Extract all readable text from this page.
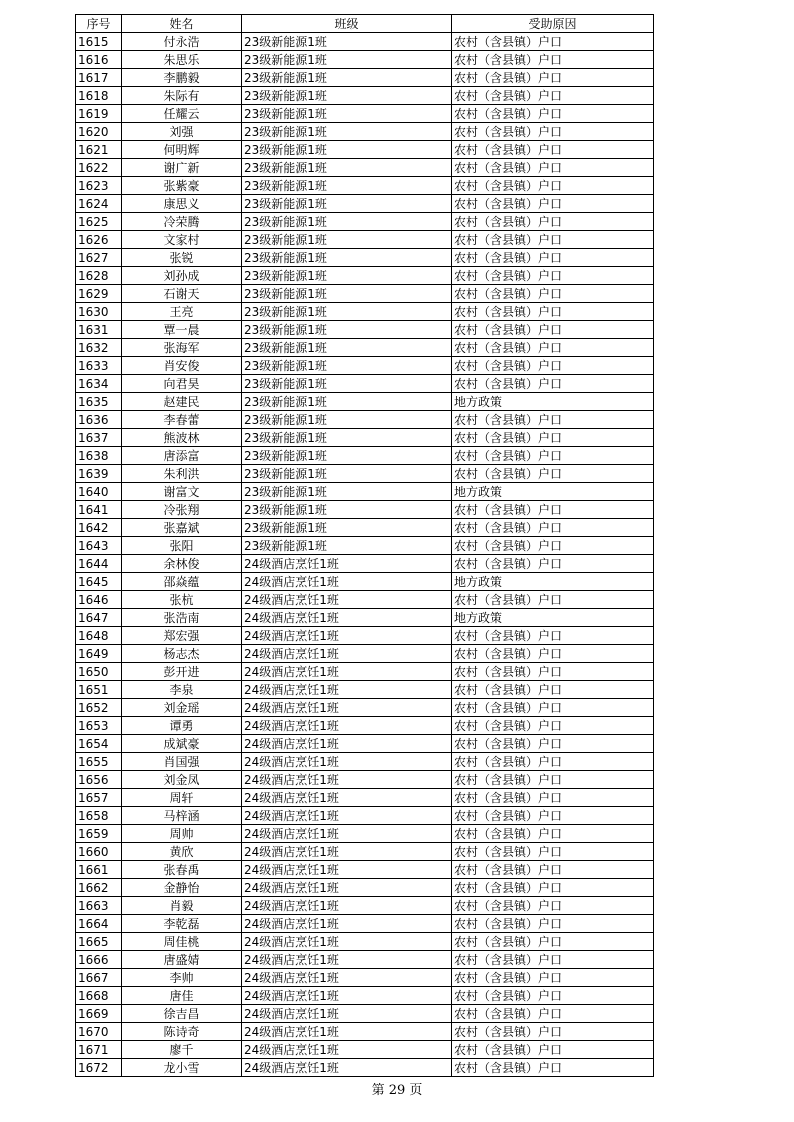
序号	姓名	班级	受助原因
1615	付永浩	23级新能源1班	农村（含县镇）户口
1616	朱思乐	23级新能源1班	农村（含县镇）户口
1617	李鹏毅	23级新能源1班	农村（含县镇）户口
1618	朱际有	23级新能源1班	农村（含县镇）户口
1619	任耀云	23级新能源1班	农村（含县镇）户口
1620	刘强	23级新能源1班	农村（含县镇）户口
1621	何明辉	23级新能源1班	农村（含县镇）户口
1622	谢广新	23级新能源1班	农村（含县镇）户口
1623	张紫豪	23级新能源1班	农村（含县镇）户口
1624	康思义	23级新能源1班	农村（含县镇）户口
1625	冷荣腾	23级新能源1班	农村（含县镇）户口
1626	文家村	23级新能源1班	农村（含县镇）户口
1627	张锐	23级新能源1班	农村（含县镇）户口
1628	刘孙成	23级新能源1班	农村（含县镇）户口
1629	石谢天	23级新能源1班	农村（含县镇）户口
1630	王亮	23级新能源1班	农村（含县镇）户口
1631	覃一晨	23级新能源1班	农村（含县镇）户口
1632	张海军	23级新能源1班	农村（含县镇）户口
1633	肖安俊	23级新能源1班	农村（含县镇）户口
1634	向君昊	23级新能源1班	农村（含县镇）户口
1635	赵建民	23级新能源1班	地方政策
1636	李春蕾	23级新能源1班	农村（含县镇）户口
1637	熊波林	23级新能源1班	农村（含县镇）户口
1638	唐添富	23级新能源1班	农村（含县镇）户口
1639	朱利洪	23级新能源1班	农村（含县镇）户口
1640	谢富文	23级新能源1班	地方政策
1641	冷张翔	23级新能源1班	农村（含县镇）户口
1642	张嘉斌	23级新能源1班	农村（含县镇）户口
1643	张阳	23级新能源1班	农村（含县镇）户口
1644	余林俊	24级酒店烹饪1班	农村（含县镇）户口
1645	邵焱蕴	24级酒店烹饪1班	地方政策
1646	张杭	24级酒店烹饪1班	农村（含县镇）户口
1647	张浩南	24级酒店烹饪1班	地方政策
1648	郑宏强	24级酒店烹饪1班	农村（含县镇）户口
1649	杨志杰	24级酒店烹饪1班	农村（含县镇）户口
1650	彭开进	24级酒店烹饪1班	农村（含县镇）户口
1651	李泉	24级酒店烹饪1班	农村（含县镇）户口
1652	刘金瑶	24级酒店烹饪1班	农村（含县镇）户口
1653	谭勇	24级酒店烹饪1班	农村（含县镇）户口
1654	成斌豪	24级酒店烹饪1班	农村（含县镇）户口
1655	肖国强	24级酒店烹饪1班	农村（含县镇）户口
1656	刘金凤	24级酒店烹饪1班	农村（含县镇）户口
1657	周轩	24级酒店烹饪1班	农村（含县镇）户口
1658	马梓涵	24级酒店烹饪1班	农村（含县镇）户口
1659	周帅	24级酒店烹饪1班	农村（含县镇）户口
1660	黄欣	24级酒店烹饪1班	农村（含县镇）户口
1661	张春禹	24级酒店烹饪1班	农村（含县镇）户口
1662	金静怡	24级酒店烹饪1班	农村（含县镇）户口
1663	肖毅	24级酒店烹饪1班	农村（含县镇）户口
1664	李乾磊	24级酒店烹饪1班	农村（含县镇）户口
1665	周佳桃	24级酒店烹饪1班	农村（含县镇）户口
1666	唐盛婧	24级酒店烹饪1班	农村（含县镇）户口
1667	李帅	24级酒店烹饪1班	农村（含县镇）户口
1668	唐佳	24级酒店烹饪1班	农村（含县镇）户口
1669	徐吉昌	24级酒店烹饪1班	农村（含县镇）户口
1670	陈诗奇	24级酒店烹饪1班	农村（含县镇）户口
1671	廖千	24级酒店烹饪1班	农村（含县镇）户口
1672	龙小雪	24级酒店烹饪1班	农村（含县镇）户口
第 29 页
